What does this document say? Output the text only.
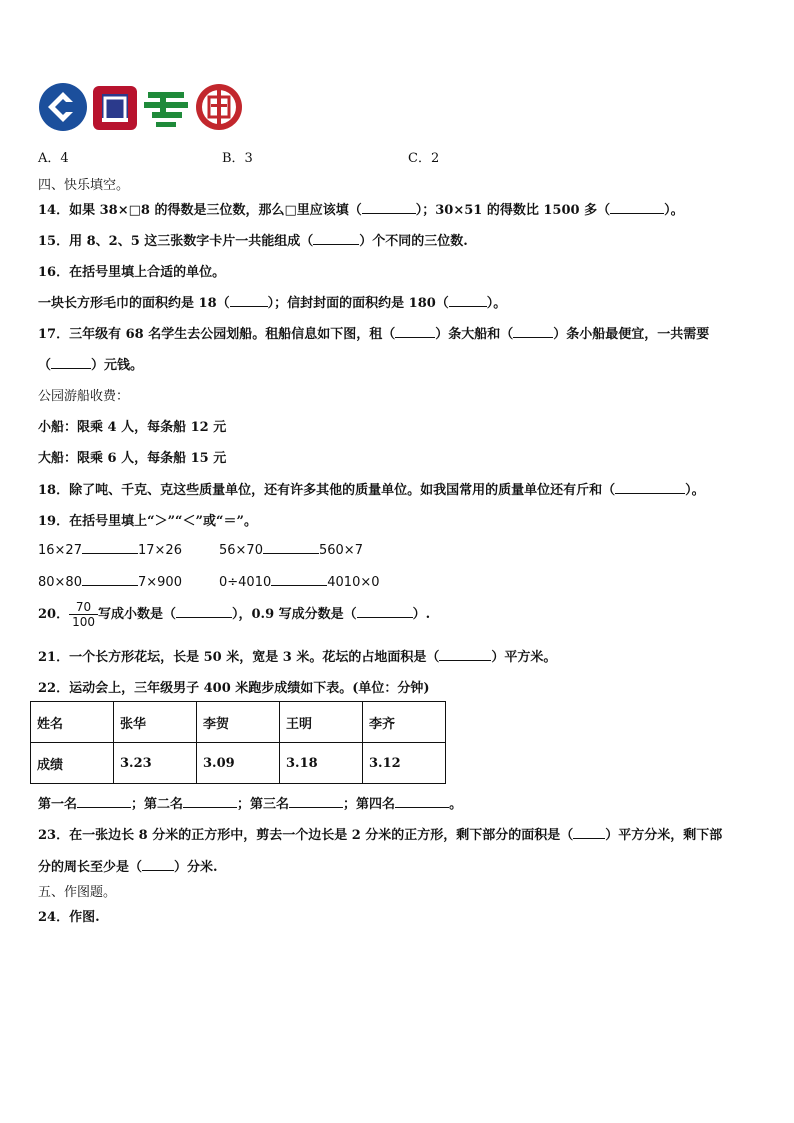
A．4	B．3	C．2
四、快乐填空。
14．如果 38×□8 的得数是三位数，那么□里应该填（	）；30×51 的得数比 1500 多（	）。
15．用 8、2、5 这三张数字卡片一共能组成（	）个不同的三位数.
16．在括号里填上合适的单位。
一块长方形毛巾的面积约是 18（	）；信封封面的面积约是 180（	）。
17．三年级有 68 名学生去公园划船。租船信息如下图，租（	）条大船和（	）条小船最便宜，一共需要
（	）元钱。
公园游船收费：
小船：限乘 4 人，每条船 12 元
大船：限乘 6 人，每条船 15 元
18．除了吨、千克、克这些质量单位，还有许多其他的质量单位。如我国常用的质量单位还有斤和（	）。
19．在括号里填上“＞”“＜”或“＝”。
16×27	17×26	56×70	560×7
80×80	7×900	0÷4010	4010×0
20． $\frac{70}{100}$ 写成小数是（	），0.9 写成分数是（	）.
21．一个长方形花坛，长是 50 米，宽是 3 米。花坛的占地面积是（	）平方米。
22．运动会上，三年级男子 400 米跑步成绩如下表。(单位：分钟)
姓名	张华	李贺	王明	李齐
成绩	3.23	3.09	3.18	3.12
第一名	；第二名	；第三名	；第四名	。
23．在一张边长 8 分米的正方形中，剪去一个边长是 2 分米的正方形，剩下部分的面积是（ ）平方分米，剩下部
分的周长至少是（ ）分米.
五、作图题。
24．作图.
